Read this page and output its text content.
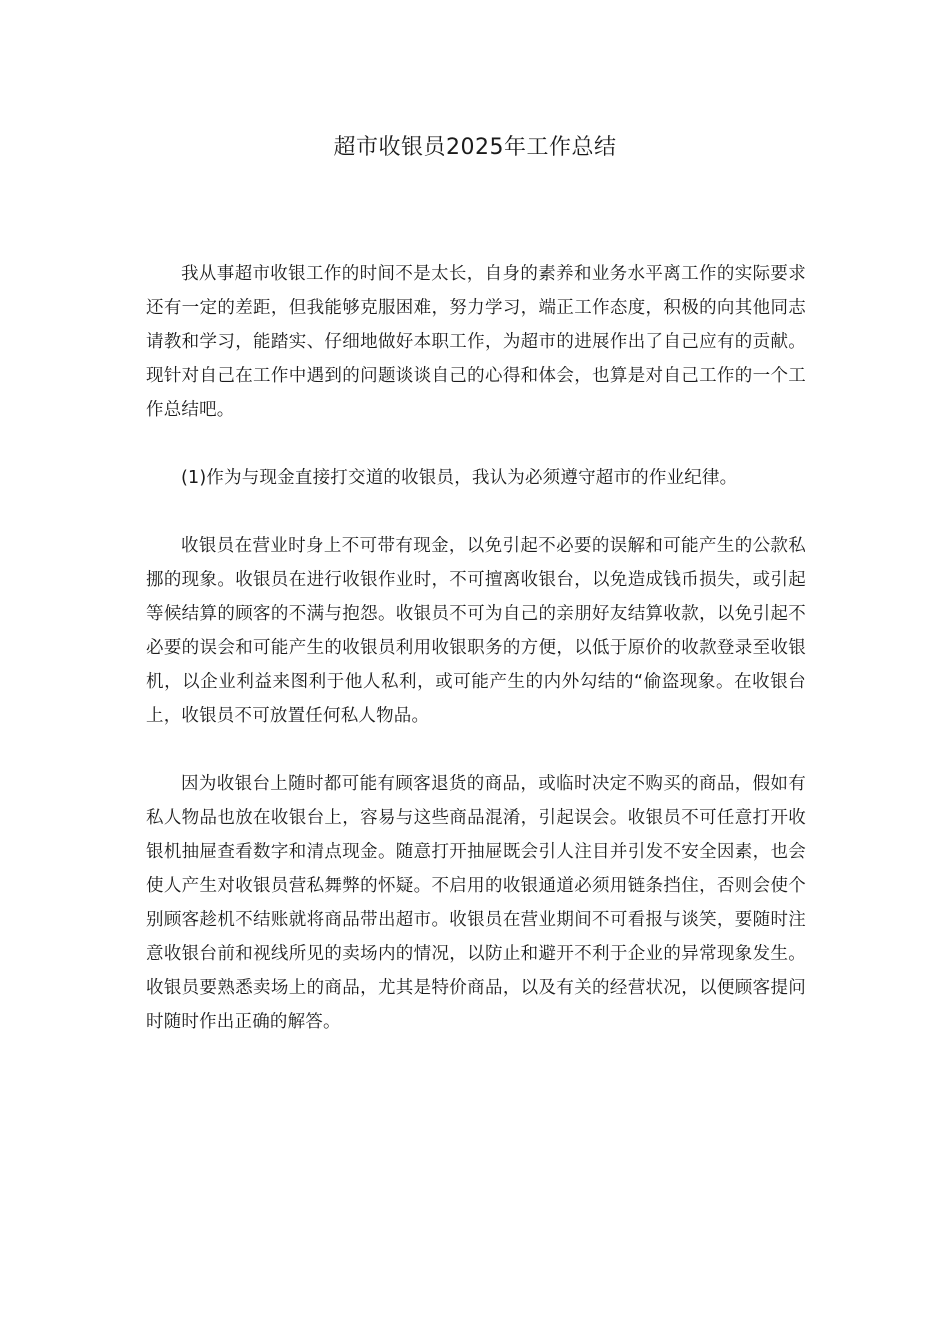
超市收银员2025年工作总结

我从事超市收银工作的时间不是太长，自身的素养和业务水平离工作的实际要求还有一定的差距，但我能够克服困难，努力学习，端正工作态度，积极的向其他同志请教和学习，能踏实、仔细地做好本职工作，为超市的进展作出了自己应有的贡献。现针对自己在工作中遇到的问题谈谈自己的心得和体会，也算是对自己工作的一个工作总结吧。

(1)作为与现金直接打交道的收银员，我认为必须遵守超市的作业纪律。

收银员在营业时身上不可带有现金，以免引起不必要的误解和可能产生的公款私挪的现象。收银员在进行收银作业时，不可擅离收银台，以免造成钱币损失，或引起等候结算的顾客的不满与抱怨。收银员不可为自己的亲朋好友结算收款，以免引起不必要的误会和可能产生的收银员利用收银职务的方便，以低于原价的收款登录至收银机，以企业利益来图利于他人私利，或可能产生的内外勾结的“偷盗现象。在收银台上，收银员不可放置任何私人物品。

因为收银台上随时都可能有顾客退货的商品，或临时决定不购买的商品，假如有私人物品也放在收银台上，容易与这些商品混淆，引起误会。收银员不可任意打开收银机抽屉查看数字和清点现金。随意打开抽屉既会引人注目并引发不安全因素，也会使人产生对收银员营私舞弊的怀疑。不启用的收银通道必须用链条挡住，否则会使个别顾客趁机不结账就将商品带出超市。收银员在营业期间不可看报与谈笑，要随时注意收银台前和视线所见的卖场内的情况，以防止和避开不利于企业的异常现象发生。收银员要熟悉卖场上的商品，尤其是特价商品，以及有关的经营状况，以便顾客提问时随时作出正确的解答。
